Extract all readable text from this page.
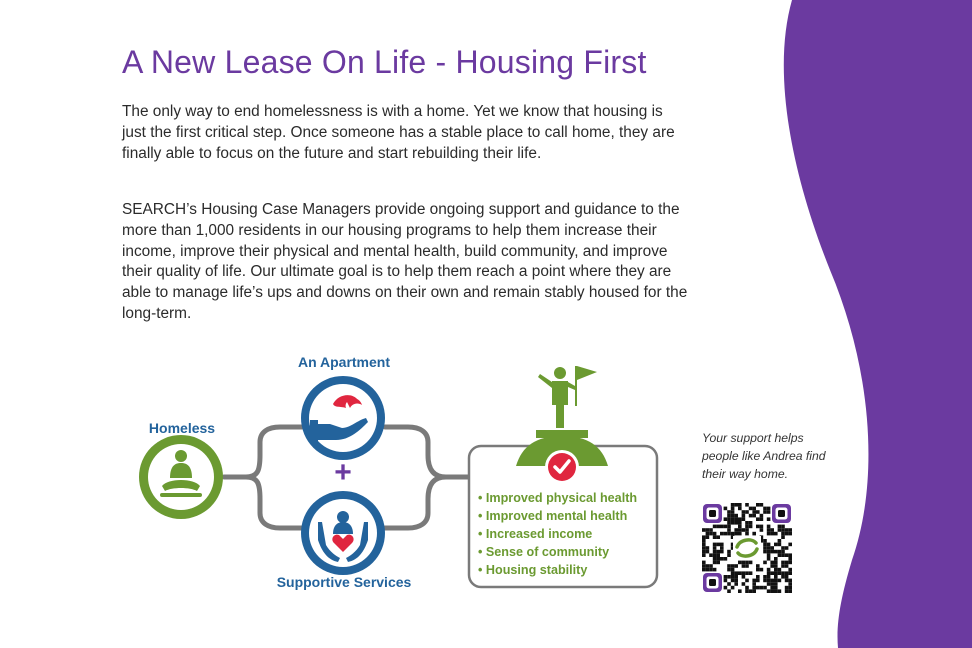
A New Lease On Life - Housing First

The only way to end homelessness is with a home. Yet we know that housing is just the first critical step. Once someone has a stable place to call home, they are finally able to focus on the future and start rebuilding their life.

SEARCH’s Housing Case Managers provide ongoing support and guidance to the more than 1,000 residents in our housing programs to help them increase their income, improve their physical and mental health, build community, and improve their quality of life. Our ultimate goal is to help them reach a point where they are able to manage life’s ups and downs on their own and remain stably housed for the long-term.

Homeless
An Apartment
+
Supportive Services
• Improved physical health
• Improved mental health
• Increased income
• Sense of community
• Housing stability

Your support helps people like Andrea find their way home.
